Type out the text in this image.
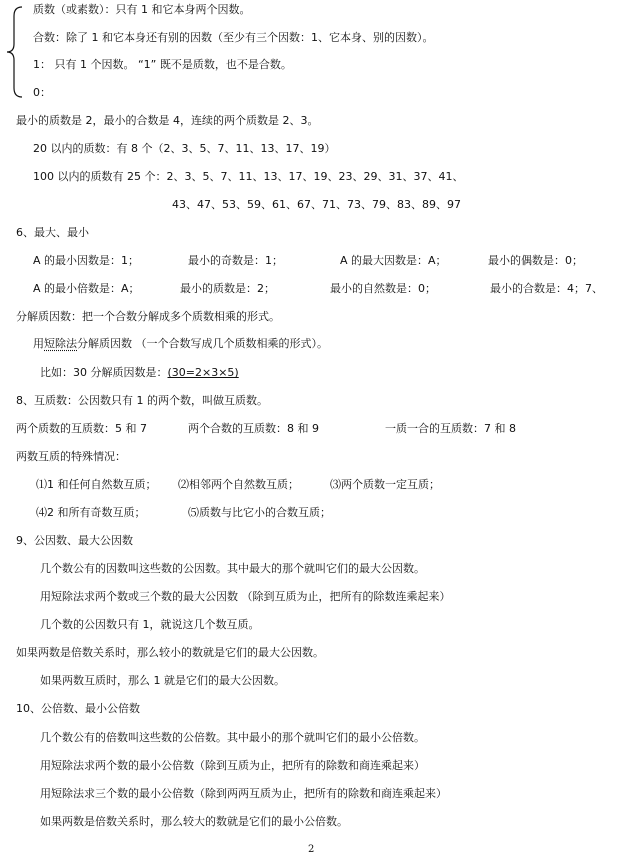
质数（或素数）：只有 1 和它本身两个因数。
合数：除了 1 和它本身还有别的因数（至少有三个因数：1、它本身、别的因数）。
1： 只有 1 个因数。 “1” 既不是质数，也不是合数。
0：
最小的质数是 2，最小的合数是 4，连续的两个质数是 2、3。
20 以内的质数：有 8 个（2、3、5、7、11、13、17、19）
100 以内的质数有 25 个：2、3、5、7、11、13、17、19、23、29、31、37、41、
43、47、53、59、61、67、71、73、79、83、89、97
6、最大、最小
A 的最小因数是：1；	最小的奇数是：1；	A 的最大因数是：A；	最小的偶数是：0；
A 的最小倍数是：A；	最小的质数是：2；	最小的自然数是：0；	最小的合数是：4；7、
分解质因数：把一个合数分解成多个质数相乘的形式。
用短除法分解质因数 （一个合数写成几个质数相乘的形式）。
比如：30 分解质因数是：(30=2×3×5)
8、互质数：公因数只有 1 的两个数，叫做互质数。
两个质数的互质数：5 和 7	两个合数的互质数：8 和 9	一质一合的互质数：7 和 8
两数互质的特殊情况：
⑴1 和任何自然数互质； ⑵相邻两个自然数互质；	⑶两个质数一定互质；
⑷2 和所有奇数互质；	⑸质数与比它小的合数互质；
9、公因数、最大公因数
几个数公有的因数叫这些数的公因数。其中最大的那个就叫它们的最大公因数。
用短除法求两个数或三个数的最大公因数 （除到互质为止，把所有的除数连乘起来）
几个数的公因数只有 1，就说这几个数互质。
如果两数是倍数关系时，那么较小的数就是它们的最大公因数。
如果两数互质时，那么 1 就是它们的最大公因数。
10、公倍数、最小公倍数
几个数公有的倍数叫这些数的公倍数。其中最小的那个就叫它们的最小公倍数。
用短除法求两个数的最小公倍数（除到互质为止，把所有的除数和商连乘起来）
用短除法求三个数的最小公倍数（除到两两互质为止，把所有的除数和商连乘起来）
如果两数是倍数关系时，那么较大的数就是它们的最小公倍数。
2
